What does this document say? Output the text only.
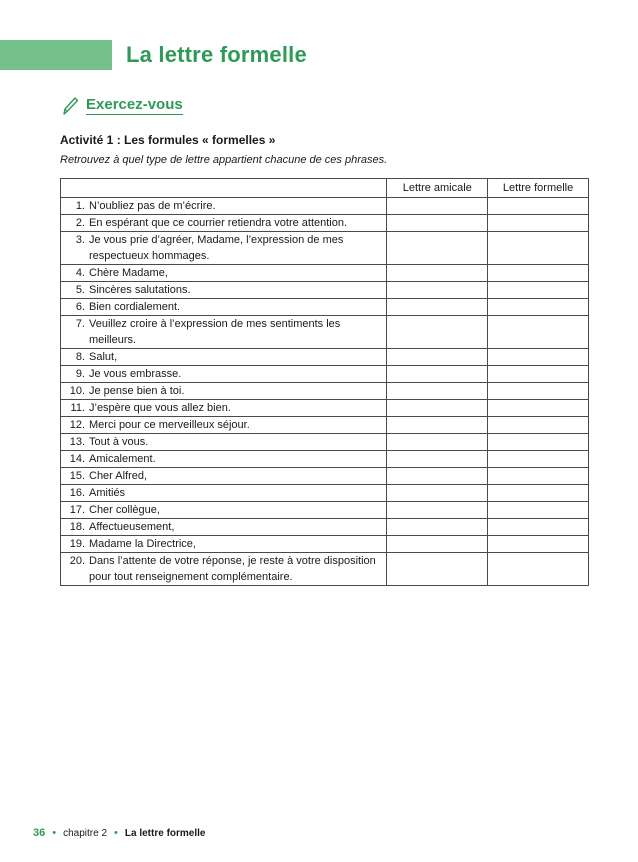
La lettre formelle
Exercez-vous
Activité 1 : Les formules « formelles »
Retrouvez à quel type de lettre appartient chacune de ces phrases.
	Lettre amicale	Lettre formelle

1. N’oubliez pas de m’écrire.		

2. En espérant que ce courrier retiendra votre attention.		

3. Je vous prie d’agréer, Madame, l’expression de mes respectueux hommages.		

4. Chère Madame,		

5. Sincères salutations.		

6. Bien cordialement.		

7. Veuillez croire à l’expression de mes sentiments les meilleurs.		

8. Salut,		

9. Je vous embrasse.		

10. Je pense bien à toi.		

11. J’espère que vous allez bien.		

12. Merci pour ce merveilleux séjour.		

13. Tout à vous.		

14. Amicalement.		

15. Cher Alfred,		

16. Amitiés		

17. Cher collègue,		

18. Affectueusement,		

19. Madame la Directrice,		

20. Dans l’attente de votre réponse, je reste à votre disposition pour tout renseignement complémentaire.		

36 • chapitre 2 • La lettre formelle
